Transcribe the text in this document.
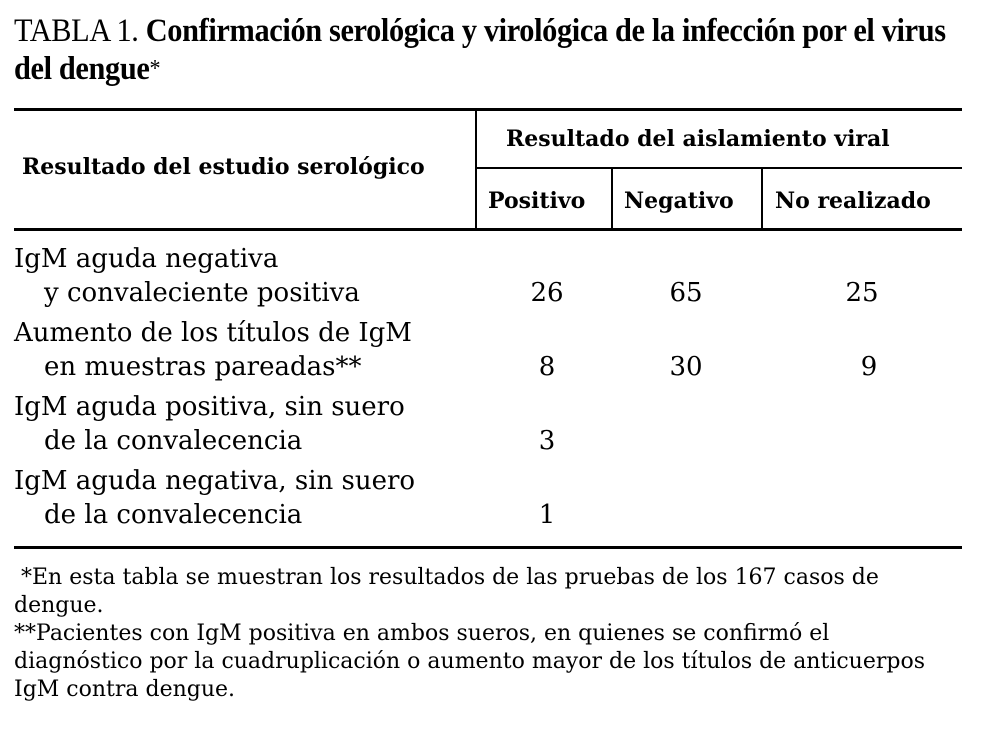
TABLA 1. Confirmación serológica y virológica de la infección por el virus del dengue*
Resultado del estudio serológico
Resultado del aislamiento viral
Positivo Negativo No realizado
IgM aguda negativa
y convaleciente positiva	26	65	25
Aumento de los títulos de IgM
en muestras pareadas**	8	30	9
IgM aguda positiva, sin suero
de la convalecencia	3
IgM aguda negativa, sin suero
de la convalecencia	1

*En esta tabla se muestran los resultados de las pruebas de los 167 casos de dengue.

**Pacientes con IgM positiva en ambos sueros, en quienes se confirmó el diagnóstico por la cuadruplicación o aumento mayor de los títulos de anticuerpos IgM contra dengue.
